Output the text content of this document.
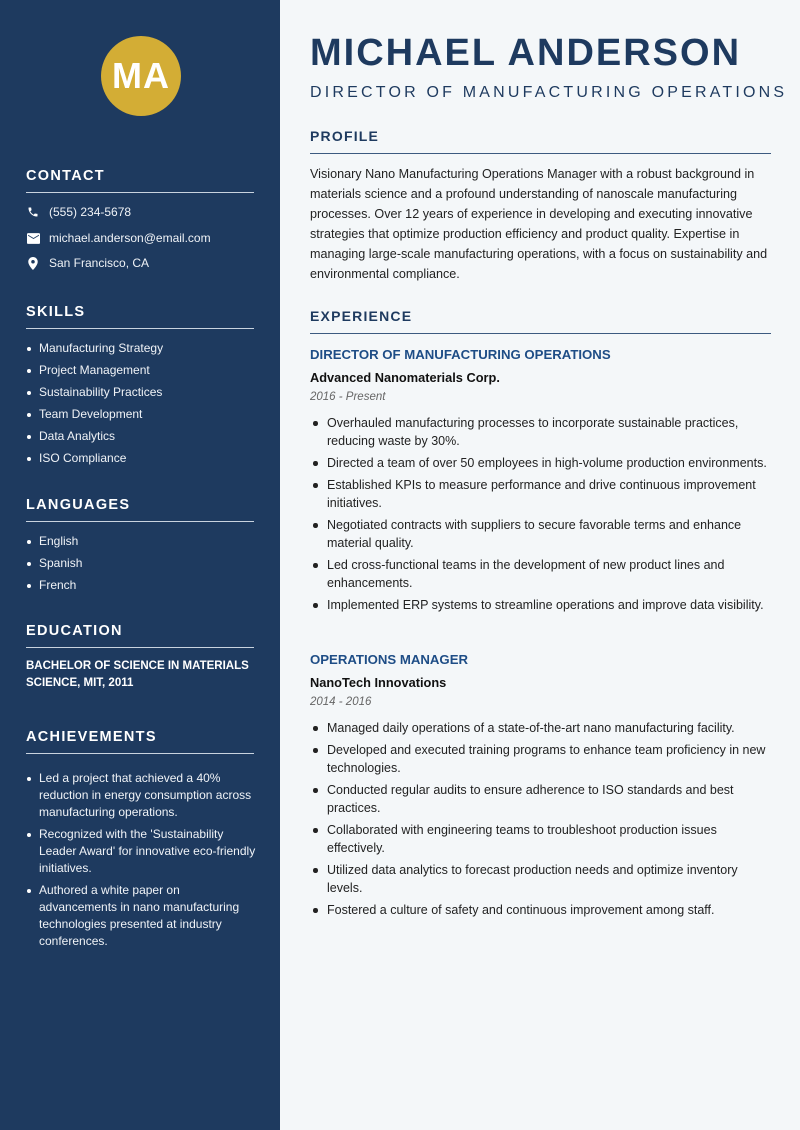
MA
CONTACT
(555) 234-5678
michael.anderson@email.com
San Francisco, CA
SKILLS
Manufacturing Strategy
Project Management
Sustainability Practices
Team Development
Data Analytics
ISO Compliance
LANGUAGES
English
Spanish
French
EDUCATION
BACHELOR OF SCIENCE IN MATERIALS SCIENCE, MIT, 2011
ACHIEVEMENTS
Led a project that achieved a 40% reduction in energy consumption across manufacturing operations.
Recognized with the 'Sustainability Leader Award' for innovative eco-friendly initiatives.
Authored a white paper on advancements in nano manufacturing technologies presented at industry conferences.
MICHAEL ANDERSON
DIRECTOR OF MANUFACTURING OPERATIONS
PROFILE
Visionary Nano Manufacturing Operations Manager with a robust background in materials science and a profound understanding of nanoscale manufacturing processes. Over 12 years of experience in developing and executing innovative strategies that optimize production efficiency and product quality. Expertise in managing large-scale manufacturing operations, with a focus on sustainability and environmental compliance.
EXPERIENCE
DIRECTOR OF MANUFACTURING OPERATIONS
Advanced Nanomaterials Corp.
2016 - Present
Overhauled manufacturing processes to incorporate sustainable practices, reducing waste by 30%.
Directed a team of over 50 employees in high-volume production environments.
Established KPIs to measure performance and drive continuous improvement initiatives.
Negotiated contracts with suppliers to secure favorable terms and enhance material quality.
Led cross-functional teams in the development of new product lines and enhancements.
Implemented ERP systems to streamline operations and improve data visibility.
OPERATIONS MANAGER
NanoTech Innovations
2014 - 2016
Managed daily operations of a state-of-the-art nano manufacturing facility.
Developed and executed training programs to enhance team proficiency in new technologies.
Conducted regular audits to ensure adherence to ISO standards and best practices.
Collaborated with engineering teams to troubleshoot production issues effectively.
Utilized data analytics to forecast production needs and optimize inventory levels.
Fostered a culture of safety and continuous improvement among staff.
